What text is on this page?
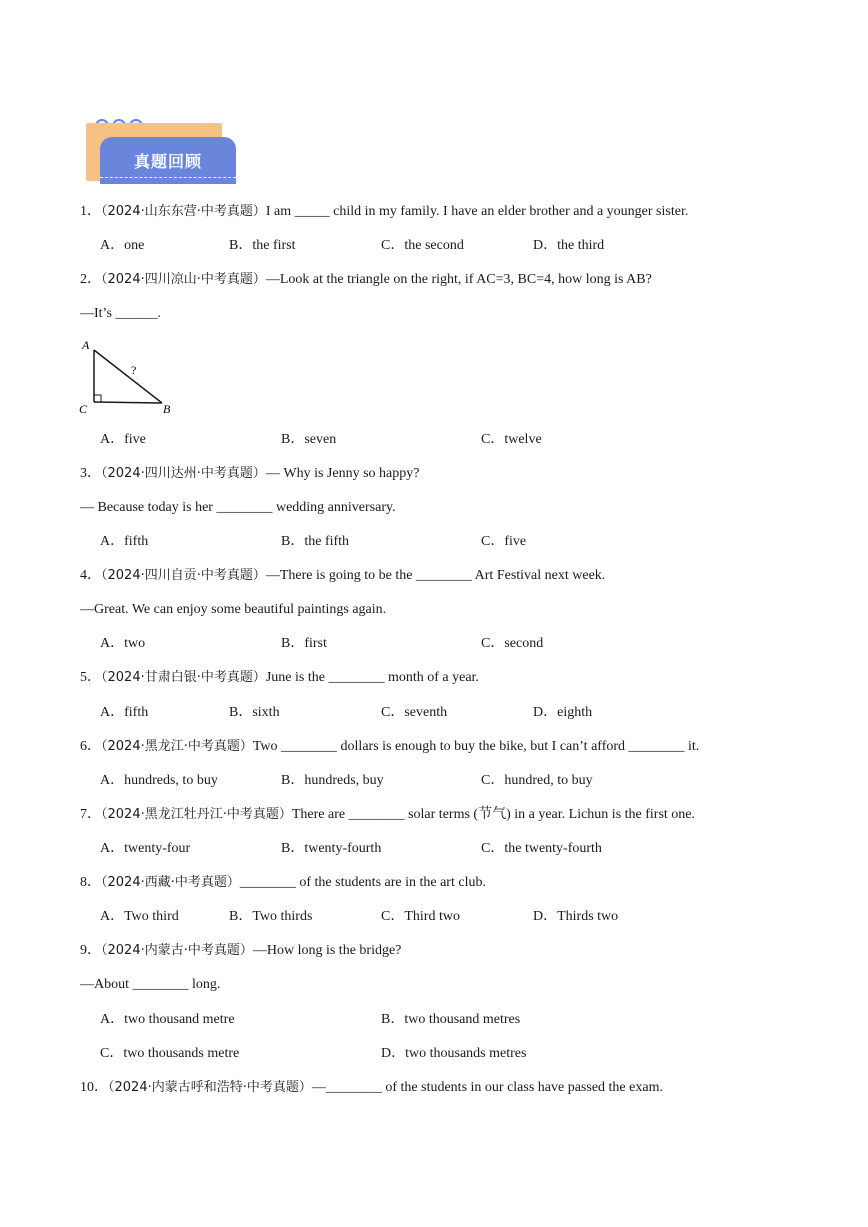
真题回顾
1．（2024·山东东营·中考真题）I am _____ child in my family. I have an elder brother and a younger sister.
A．one	B．the first	C．the second	D．the third
2．（2024·四川凉山·中考真题）—Look at the triangle on the right, if AC=3, BC=4, how long is AB?
—It’s ______.
A
C	B
?
A．five	B．seven	C．twelve
3．（2024·四川达州·中考真题）— Why is Jenny so happy?
— Because today is her ________ wedding anniversary.
A．fifth	B．the fifth	C．five
4．（2024·四川自贡·中考真题）—There is going to be the ________ Art Festival next week.
—Great. We can enjoy some beautiful paintings again.
A．two	B．first	C．second
5．（2024·甘肃白银·中考真题）June is the ________ month of a year.
A．fifth	B．sixth	C．seventh	D．eighth
6．（2024·黑龙江·中考真题）Two ________ dollars is enough to buy the bike, but I can’t afford ________ it.
A．hundreds, to buy	B．hundreds, buy	C．hundred, to buy
7．（2024·黑龙江牡丹江·中考真题）There are ________ solar terms (节气) in a year. Lichun is the first one.
A．twenty-four	B．twenty-fourth	C．the twenty-fourth
8．（2024·西藏·中考真题）________ of the students are in the art club.
A．Two third	B．Two thirds	C．Third two	D．Thirds two
9．（2024·内蒙古·中考真题）—How long is the bridge?
—About ________ long.
A．two thousand metre	B．two thousand metres
C．two thousands metre	D．two thousands metres
10．（2024·内蒙古呼和浩特·中考真题）—________ of the students in our class have passed the exam.
